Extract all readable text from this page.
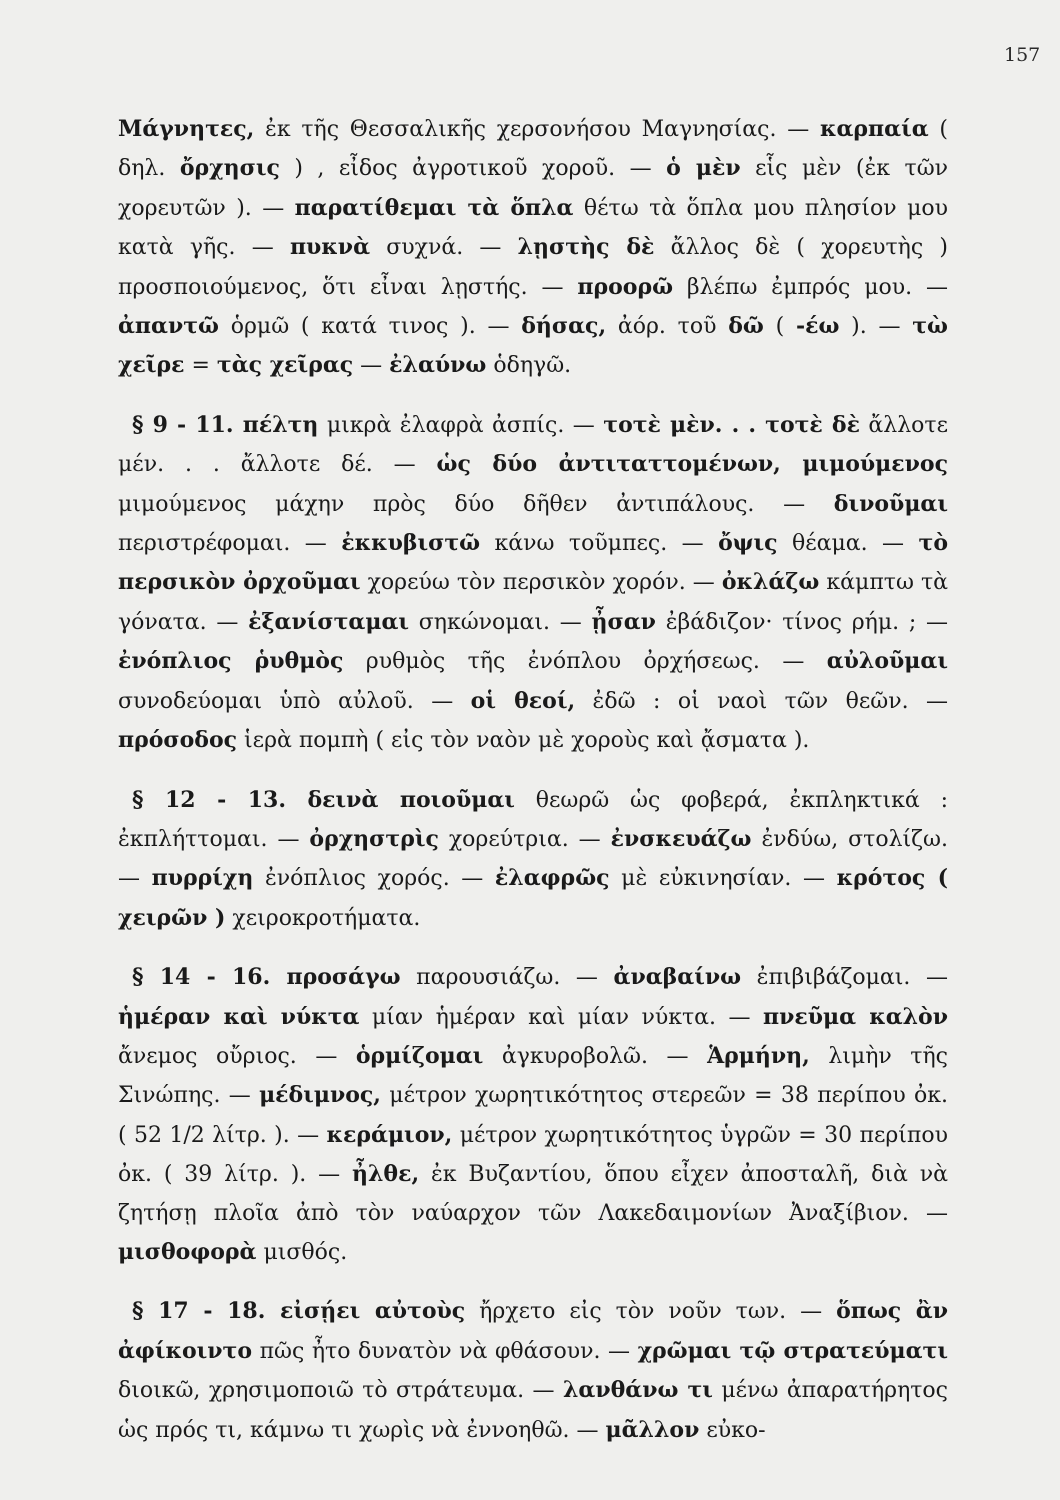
157

Μάγνητες, ἐκ τῆς Θεσσαλικῆς χερσονήσου Μαγνησίας. — καρπαία ( δηλ. ὄρχησις ) , εἶδος ἀγροτικοῦ χοροῦ. — ὁ μὲν εἷς μὲν (ἐκ τῶν χορευτῶν ). — παρατίθεμαι τὰ ὅπλα θέτω τὰ ὅπλα μου πλησίον μου κατὰ γῆς. — πυκνὰ συχνά. — λῃστὴς δὲ ἄλλος δὲ ( χορευτὴς ) προσποιούμενος, ὅτι εἶναι λῃστής. — προορῶ βλέπω ἐμπρός μου. — ἀπαντῶ ὁρμῶ ( κατά τινος ). — δήσας, ἀόρ. τοῦ δῶ ( -έω ). — τὼ χεῖρε = τὰς χεῖρας — ἐλαύνω ὁδηγῶ.

§ 9 - 11. πέλτη μικρὰ ἐλαφρὰ ἀσπίς. — τοτὲ μὲν. . . τοτὲ δὲ ἄλλοτε μέν. . . ἄλλοτε δέ. — ὡς δύο ἀντιταττομένων, μιμούμενος μιμούμενος μάχην πρὸς δύο δῆθεν ἀντιπάλους. — δινοῦμαι περιστρέφομαι. — ἐκκυβιστῶ κάνω τοῦμπες. — ὄψις θέαμα. — τὸ περσικὸν ὀρχοῦμαι χορεύω τὸν περσικὸν χορόν. — ὀκλάζω κάμπτω τὰ γόνατα. — ἐξανίσταμαι σηκώνομαι. — ᾖσαν ἐβάδιζον· τίνος ρήμ. ; — ἐνόπλιος ῥυθμὸς ρυθμὸς τῆς ἐνόπλου ὀρχήσεως. — αὐλοῦμαι συνοδεύομαι ὑπὸ αὐλοῦ. — οἱ θεοί, ἐδῶ : οἱ ναοὶ τῶν θεῶν. — πρόσοδος ἱερὰ πομπὴ ( εἰς τὸν ναὸν μὲ χοροὺς καὶ ᾄσματα ).

§ 12 - 13. δεινὰ ποιοῦμαι θεωρῶ ὡς φοβερά, ἐκπληκτικά : ἐκπλήττομαι. — ὀρχηστρὶς χορεύτρια. — ἐνσκευάζω ἐνδύω, στολίζω. — πυρρίχη ἐνόπλιος χορός. — ἐλαφρῶς μὲ εὐκινησίαν. — κρότος ( χειρῶν ) χειροκροτήματα.

§ 14 - 16. προσάγω παρουσιάζω. — ἀναβαίνω ἐπιβιβάζομαι. — ἡμέραν καὶ νύκτα μίαν ἡμέραν καὶ μίαν νύκτα. — πνεῦμα καλὸν ἄνεμος οὔριος. — ὁρμίζομαι ἀγκυροβολῶ. — Ἁρμήνη, λιμὴν τῆς Σινώπης. — μέδιμνος, μέτρον χωρητικότητος στερεῶν = 38 περίπου ὀκ. ( 52 1/2 λίτρ. ). — κεράμιον, μέτρον χωρητικότητος ὑγρῶν = 30 περίπου ὀκ. ( 39 λίτρ. ). — ἦλθε, ἐκ Βυζαντίου, ὅπου εἶχεν ἀποσταλῆ, διὰ νὰ ζητήσῃ πλοῖα ἀπὸ τὸν ναύαρχον τῶν Λακεδαιμονίων Ἀναξίβιον. — μισθοφορὰ μισθός.

§ 17 - 18. εἰσῄει αὐτοὺς ἤρχετο εἰς τὸν νοῦν των. — ὅπως ἂν ἀφίκοιντο πῶς ἦτο δυνατὸν νὰ φθάσουν. — χρῶμαι τῷ στρατεύματι διοικῶ, χρησιμοποιῶ τὸ στράτευμα. — λανθάνω τι μένω ἀπαρατήρητος ὡς πρός τι, κάμνω τι χωρὶς νὰ ἐννοηθῶ. — μᾶλλον εὐκο-
